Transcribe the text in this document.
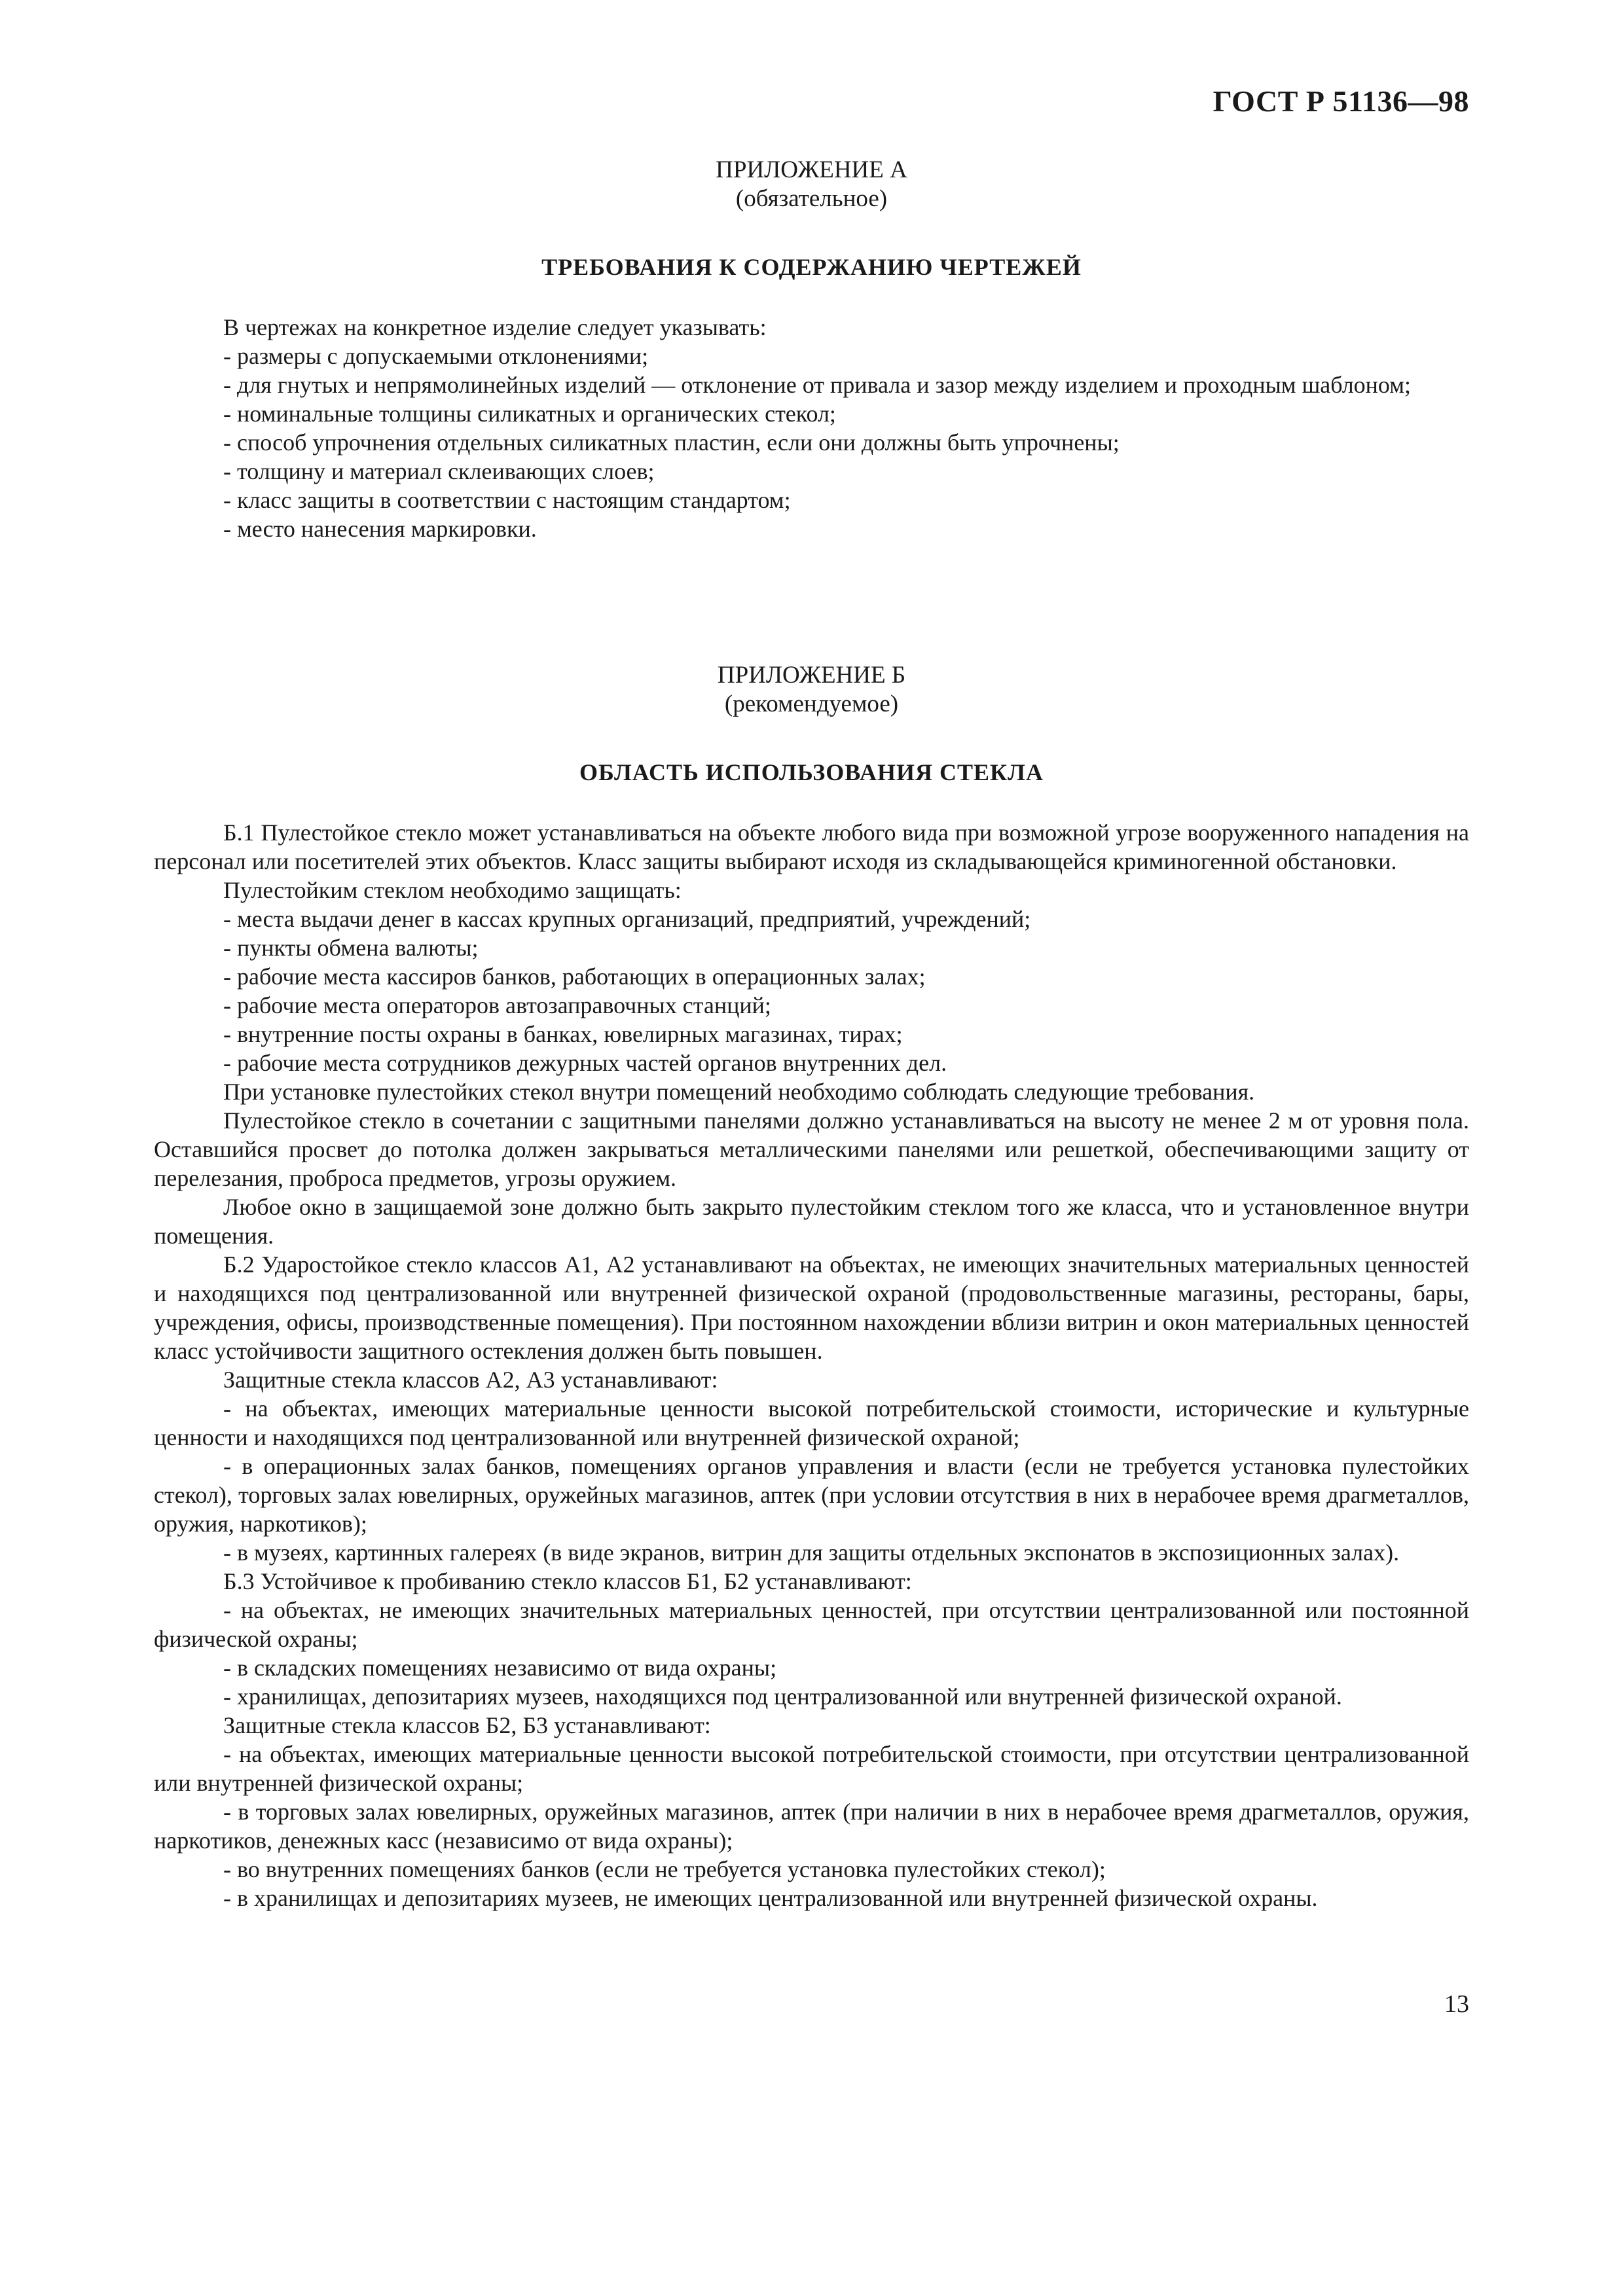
ГОСТ Р 51136—98
ПРИЛОЖЕНИЕ А
(обязательное)
ТРЕБОВАНИЯ К СОДЕРЖАНИЮ ЧЕРТЕЖЕЙ

В чертежах на конкретное изделие следует указывать:

- размеры с допускаемыми отклонениями;

- для гнутых и непрямолинейных изделий — отклонение от привала и зазор между изделием и проходным шаблоном;

- номинальные толщины силикатных и органических стекол;

- способ упрочнения отдельных силикатных пластин, если они должны быть упрочнены;

- толщину и материал склеивающих слоев;

- класс защиты в соответствии с настоящим стандартом;

- место нанесения маркировки.

ПРИЛОЖЕНИЕ Б
(рекомендуемое)
ОБЛАСТЬ ИСПОЛЬЗОВАНИЯ СТЕКЛА

Б.1 Пулестойкое стекло может устанавливаться на объекте любого вида при возможной угрозе вооруженного нападения на персонал или посетителей этих объектов. Класс защиты выбирают исходя из складывающейся криминогенной обстановки.

Пулестойким стеклом необходимо защищать:

- места выдачи денег в кассах крупных организаций, предприятий, учреждений;

- пункты обмена валюты;

- рабочие места кассиров банков, работающих в операционных залах;

- рабочие места операторов автозаправочных станций;

- внутренние посты охраны в банках, ювелирных магазинах, тирах;

- рабочие места сотрудников дежурных частей органов внутренних дел.

При установке пулестойких стекол внутри помещений необходимо соблюдать следующие требования.

Пулестойкое стекло в сочетании с защитными панелями должно устанавливаться на высоту не менее 2 м от уровня пола. Оставшийся просвет до потолка должен закрываться металлическими панелями или решеткой, обеспечивающими защиту от перелезания, проброса предметов, угрозы оружием.

Любое окно в защищаемой зоне должно быть закрыто пулестойким стеклом того же класса, что и установленное внутри помещения.

Б.2 Ударостойкое стекло классов А1, А2 устанавливают на объектах, не имеющих значительных материальных ценностей и находящихся под централизованной или внутренней физической охраной (продовольственные магазины, рестораны, бары, учреждения, офисы, производственные помещения). При постоянном нахождении вблизи витрин и окон материальных ценностей класс устойчивости защитного остекления должен быть повышен.

Защитные стекла классов А2, А3 устанавливают:

- на объектах, имеющих материальные ценности высокой потребительской стоимости, исторические и культурные ценности и находящихся под централизованной или внутренней физической охраной;

- в операционных залах банков, помещениях органов управления и власти (если не требуется установка пулестойких стекол), торговых залах ювелирных, оружейных магазинов, аптек (при условии отсутствия в них в нерабочее время драгметаллов, оружия, наркотиков);

- в музеях, картинных галереях (в виде экранов, витрин для защиты отдельных экспонатов в экспозиционных залах).

Б.3 Устойчивое к пробиванию стекло классов Б1, Б2 устанавливают:

- на объектах, не имеющих значительных материальных ценностей, при отсутствии централизованной или постоянной физической охраны;

- в складских помещениях независимо от вида охраны;

- хранилищах, депозитариях музеев, находящихся под централизованной или внутренней физической охраной.

Защитные стекла классов Б2, Б3 устанавливают:

- на объектах, имеющих материальные ценности высокой потребительской стоимости, при отсутствии централизованной или внутренней физической охраны;

- в торговых залах ювелирных, оружейных магазинов, аптек (при наличии в них в нерабочее время драгметаллов, оружия, наркотиков, денежных касс (независимо от вида охраны);

- во внутренних помещениях банков (если не требуется установка пулестойких стекол);

- в хранилищах и депозитариях музеев, не имеющих централизованной или внутренней физической охраны.

13
